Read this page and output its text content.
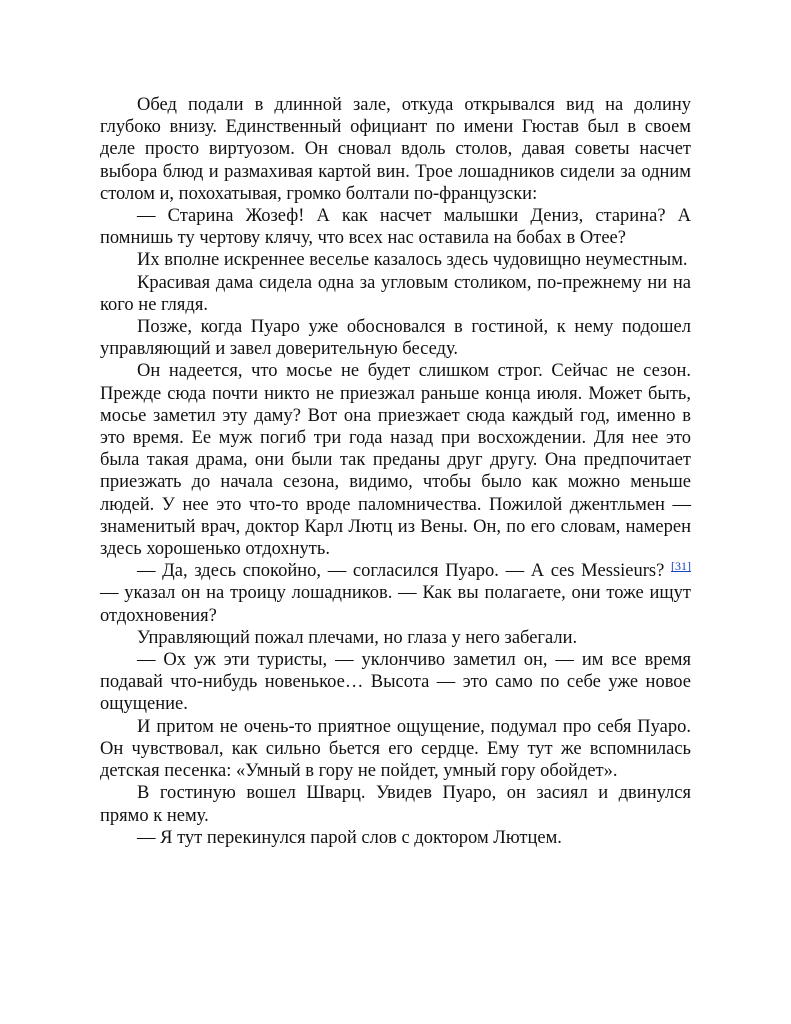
Обед подали в длинной зале, откуда открывался вид на долину глубоко внизу. Единственный официант по имени Гюстав был в своем деле просто виртуозом. Он сновал вдоль столов, давая советы насчет выбора блюд и размахивая картой вин. Трое лошадников сидели за одним столом и, похохатывая, громко болтали по-французски:

— Старина Жозеф! А как насчет малышки Дениз, старина? А помнишь ту чертову клячу, что всех нас оставила на бобах в Отее?

Их вполне искреннее веселье казалось здесь чудовищно неуместным.

Красивая дама сидела одна за угловым столиком, по-прежнему ни на кого не глядя.

Позже, когда Пуаро уже обосновался в гостиной, к нему подошел управляющий и завел доверительную беседу.

Он надеется, что мосье не будет слишком строг. Сейчас не сезон. Прежде сюда почти никто не приезжал раньше конца июля. Может быть, мосье заметил эту даму? Вот она приезжает сюда каждый год, именно в это время. Ее муж погиб три года назад при восхождении. Для нее это была такая драма, они были так преданы друг другу. Она предпочитает приезжать до начала сезона, видимо, чтобы было как можно меньше людей. У нее это что-то вроде паломничества. Пожилой джентльмен — знаменитый врач, доктор Карл Лютц из Вены. Он, по его словам, намерен здесь хорошенько отдохнуть.

— Да, здесь спокойно, — согласился Пуаро. — А ces Messieurs? [31] — указал он на троицу лошадников. — Как вы полагаете, они тоже ищут отдохновения?

Управляющий пожал плечами, но глаза у него забегали.

— Ох уж эти туристы, — уклончиво заметил он, — им все время подавай что-нибудь новенькое… Высота — это само по себе уже новое ощущение.

И притом не очень-то приятное ощущение, подумал про себя Пуаро. Он чувствовал, как сильно бьется его сердце. Ему тут же вспомнилась детская песенка: «Умный в гору не пойдет, умный гору обойдет».

В гостиную вошел Шварц. Увидев Пуаро, он засиял и двинулся прямо к нему.

— Я тут перекинулся парой слов с доктором Лютцем.
